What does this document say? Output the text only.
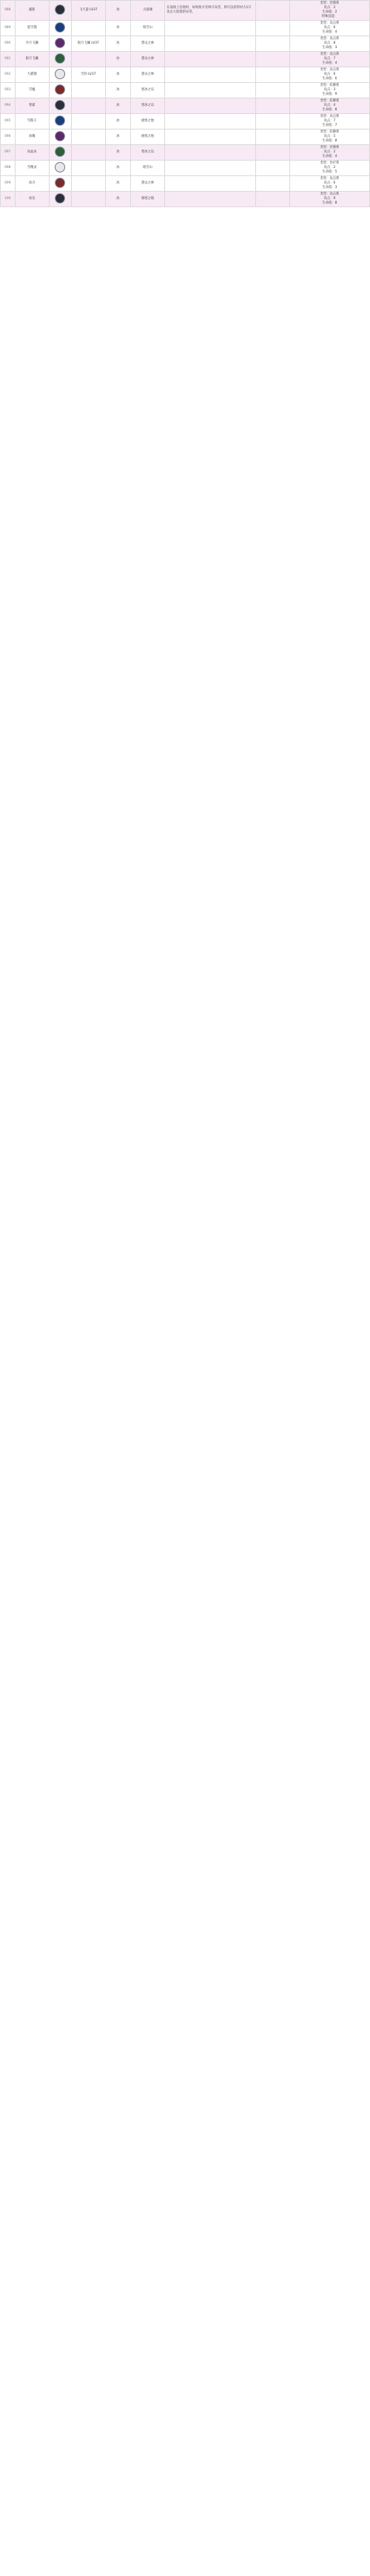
088	噩耗		飞天游 LV37	冰	古墓城	在战场上出现时，如果敌方有两只异兽，则可以获得对方1只攻击力较低的异兽。		类型：控制系
攻击：2
生命值：2
特殊技能：

089	裂空猫			冰	暗雪山			类型：攻击系
攻击：6
生命值：4

090	冷月飞镰		银月飞镰 LV37	冰	猎杀之林			类型：攻击系
攻击：8
生命值：3

091	银月飞镰			冰	猎杀之林			类型：攻击系
攻击：7
生命值：4

092	大猫猫		雪豹 LV37	冰	猎杀之林			类型：攻击系
攻击：6
生命值：6

093	雪魔			冰	寒冰之岛			类型：防御系
攻击：3
生命值：9

094	寒霜			冰	寒冰之岛			类型：防御系
攻击：4
生命值：8

095	雪熊王			冰	极寒之地			类型：攻击系
攻击：7
生命值：7

096	冰魄			冰	极寒之地			类型：防御系
攻击：5
生命值：8

097	冰晶虫			冰	寒冰之岛			类型：控制系
攻击：2
生命值：4

098	雪精灵			冰	暗雪山			类型：治疗系
攻击：2
生命值：5

099	冰刃			冰	猎杀之林			类型：攻击系
攻击：6
生命值：3

100	冰龙			冰	极寒之地			类型：攻击系
攻击：9
生命值：8
